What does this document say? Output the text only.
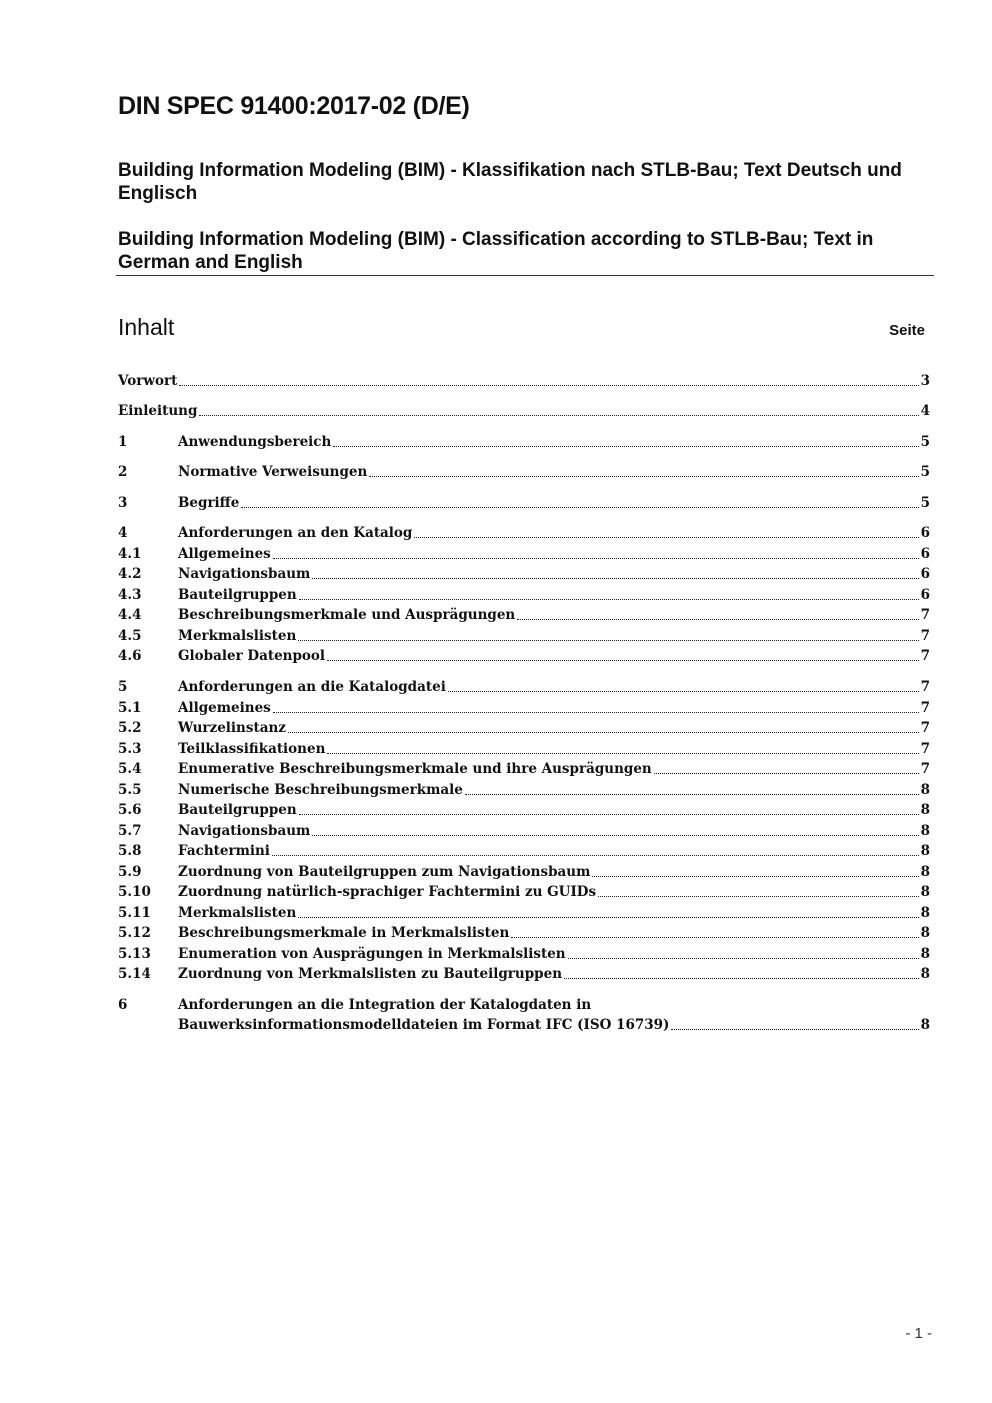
DIN SPEC 91400:2017-02 (D/E)

Building Information Modeling (BIM) - Klassifikation nach STLB-Bau; Text Deutsch und Englisch

Building Information Modeling (BIM) - Classification according to STLB-Bau; Text in German and English

Inhalt	Seite
Vorwort	3
Einleitung	4
1	Anwendungsbereich	5
2	Normative Verweisungen	5
3	Begriffe	5
4	Anforderungen an den Katalog	6
4.1	Allgemeines	6
4.2	Navigationsbaum	6
4.3	Bauteilgruppen	6
4.4	Beschreibungsmerkmale und Ausprägungen	7
4.5	Merkmalslisten	7
4.6	Globaler Datenpool	7
5	Anforderungen an die Katalogdatei	7
5.1	Allgemeines	7
5.2	Wurzelinstanz	7
5.3	Teilklassifikationen	7
5.4	Enumerative Beschreibungsmerkmale und ihre Ausprägungen	7
5.5	Numerische Beschreibungsmerkmale	8
5.6	Bauteilgruppen	8
5.7	Navigationsbaum	8
5.8	Fachtermini	8
5.9	Zuordnung von Bauteilgruppen zum Navigationsbaum	8
5.10	Zuordnung natürlich-sprachiger Fachtermini zu GUIDs	8
5.11	Merkmalslisten	8
5.12	Beschreibungsmerkmale in Merkmalslisten	8
5.13	Enumeration von Ausprägungen in Merkmalslisten	8
5.14	Zuordnung von Merkmalslisten zu Bauteilgruppen	8
6	Anforderungen an die Integration der Katalogdaten in
Bauwerksinformationsmodelldateien im Format IFC (ISO 16739)	8
- 1 -
